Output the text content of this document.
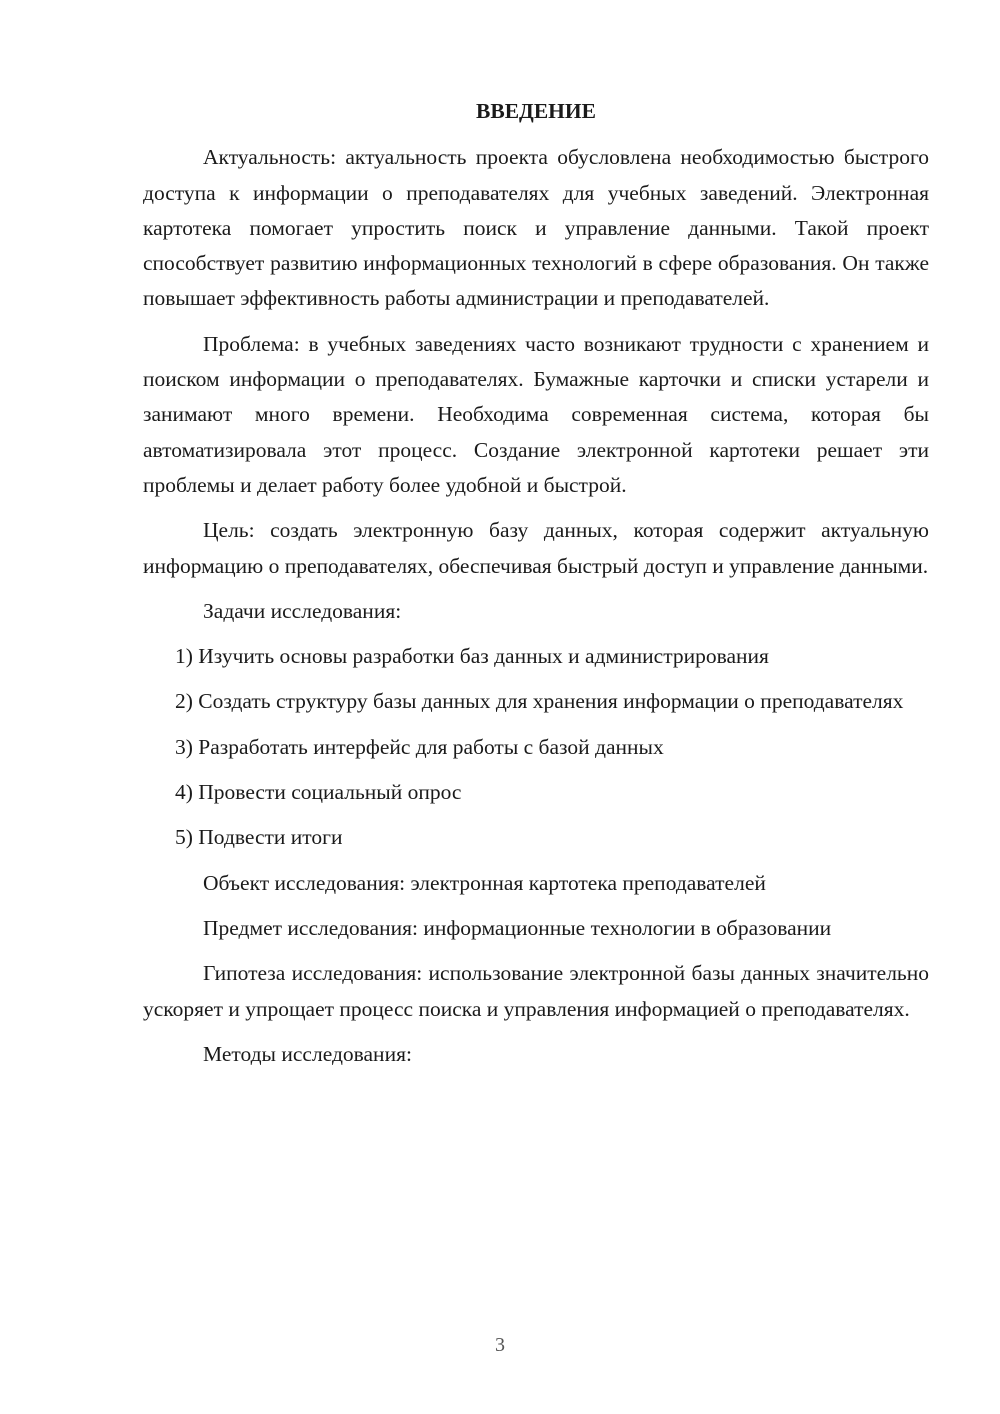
ВВЕДЕНИЕ

Актуальность: актуальность проекта обусловлена необходимостью быстрого доступа к информации о преподавателях для учебных заведений. Электронная картотека помогает упростить поиск и управление данными. Такой проект способствует развитию информационных технологий в сфере образования. Он также повышает эффективность работы администрации и преподавателей.

Проблема: в учебных заведениях часто возникают трудности с хранением и поиском информации о преподавателях. Бумажные карточки и списки устарели и занимают много времени. Необходима современная система, которая бы автоматизировала этот процесс. Создание электронной картотеки решает эти проблемы и делает работу более удобной и быстрой.

Цель: создать электронную базу данных, которая содержит актуальную информацию о преподавателях, обеспечивая быстрый доступ и управление данными.

Задачи исследования:

1) Изучить основы разработки баз данных и администрирования

2) Создать структуру базы данных для хранения информации о преподавателях

3) Разработать интерфейс для работы с базой данных

4) Провести социальный опрос

5) Подвести итоги

Объект исследования: электронная картотека преподавателей

Предмет исследования: информационные технологии в образовании

Гипотеза исследования: использование электронной базы данных значительно ускоряет и упрощает процесс поиска и управления информацией о преподавателях.

Методы исследования:

3
